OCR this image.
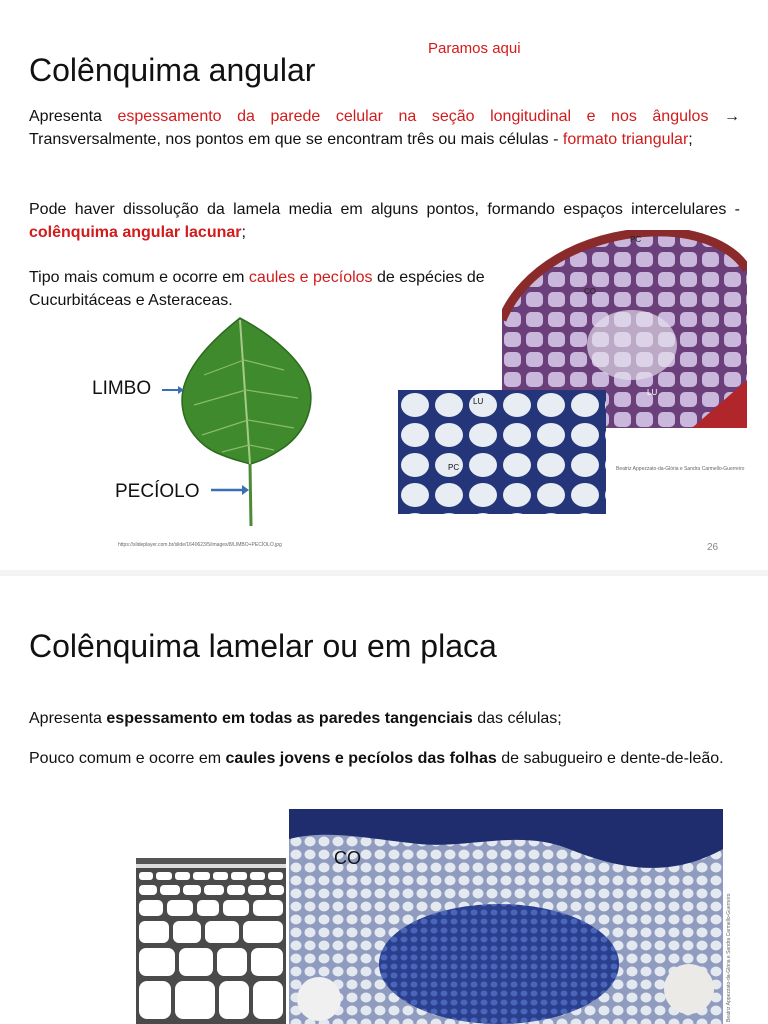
Colênquima angular
Paramos aqui

Apresenta espessamento da parede celular na seção longitudinal e nos ângulos → Transversalmente, nos pontos em que se encontram três ou mais células - formato triangular;

Pode haver dissolução da lamela media em alguns pontos, formando espaços intercelulares - colênquima angular lacunar;

Tipo mais comum e ocorre em caules e pecíolos de espécies de Cucurbitáceas e Asteraceas.

LIMBO
PECÍOLO
https://slideplayer.com.br/slide/1640623/5/images/8/LIMBO+PECÍOLO.jpg
PC
CO
LU
LU
PC	Beatriz Appezzato-da-Glória e Sandra Carmello-Guerreiro
26
Colênquima lamelar ou em placa

Apresenta espessamento em todas as paredes tangenciais das células;

Pouco comum e ocorre em caules jovens e pecíolos das folhas de sabugueiro e dente-de-leão.

CO
Beatriz Appezzato-da-Glória e Sandra Carmello-Guerreiro
